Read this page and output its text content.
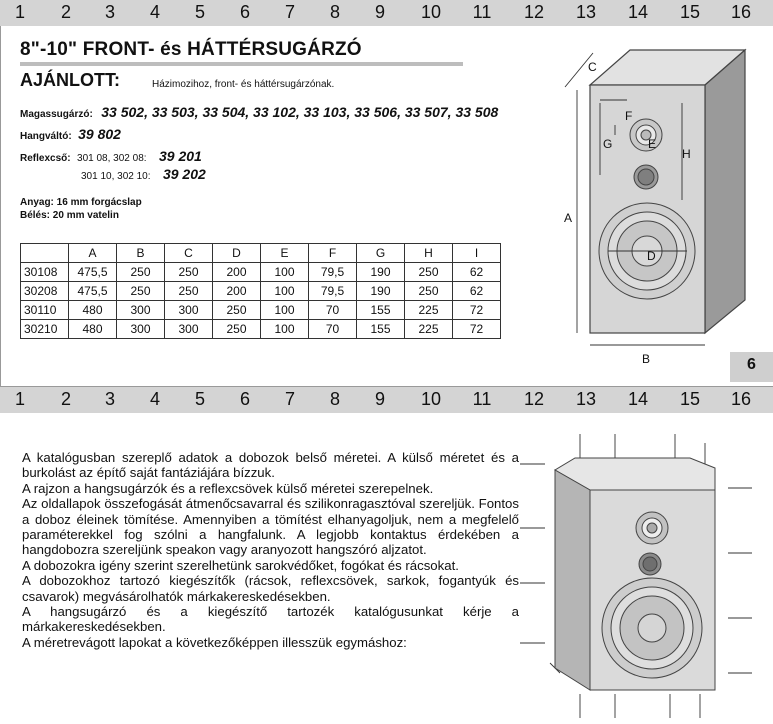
1 2 3 4 5 6 7 8 9 10 11 12 13 14 15 16
8"-10" FRONT- és HÁTTÉRSUGÁRZÓ
AJÁNLOTT:	Házimozihoz, front- és háttérsugárzónak.
Magassugárzó: 33 502, 33 503, 33 504, 33 102, 33 103, 33 506, 33 507, 33 508
Hangváltó: 39 802
Reflexcső: 301 08, 302 08: 39 201
301 10, 302 10: 39 202
Anyag: 16 mm forgácslap
Bélés: 20 mm vatelin
	A	B	C	D	E	F	G	H	I
30108	475,5	250	250	200	100	79,5	190	250	62
30208	475,5	250	250	200	100	79,5	190	250	62
30110	480	300	300	250	100	70	155	225	72
30210	480	300	300	250	100	70	155	225	72
A
B
C
D
E
F
G
H
6
1 2 3 4 5 6 7 8 9 10 11 12 13 14 15 16

A katalógusban szereplő adatok a dobozok belső méretei. A külső méretet és a burkolást az építő saját fantáziájára bízzuk.

A rajzon a hangsugárzók és a reflexcsövek külső méretei szerepelnek.

Az oldallapok összefogását átmenőcsavarral és szilikonragasztóval szereljük. Fontos a doboz éleinek tömítése. Amennyiben a tömítést elhanyagoljuk, nem a megfelelő paraméterekkel fog szólni a hangfalunk. A legjobb kontaktus érdekében a hangdobozra szereljünk speakon vagy aranyozott hangszóró aljzatot.

A dobozokra igény szerint szerelhetünk sarokvédőket, fogókat és rácsokat.

A dobozokhoz tartozó kiegészítők (rácsok, reflexcsövek, sarkok, fogantyúk és csavarok) megvásárolhatók márkakereskedésekben.

A hangsugárzó és a kiegészítő tartozék katalógusunkat kérje a márkakereskedésekben.

A méretrevágott lapokat a következőképpen illesszük egymáshoz:
